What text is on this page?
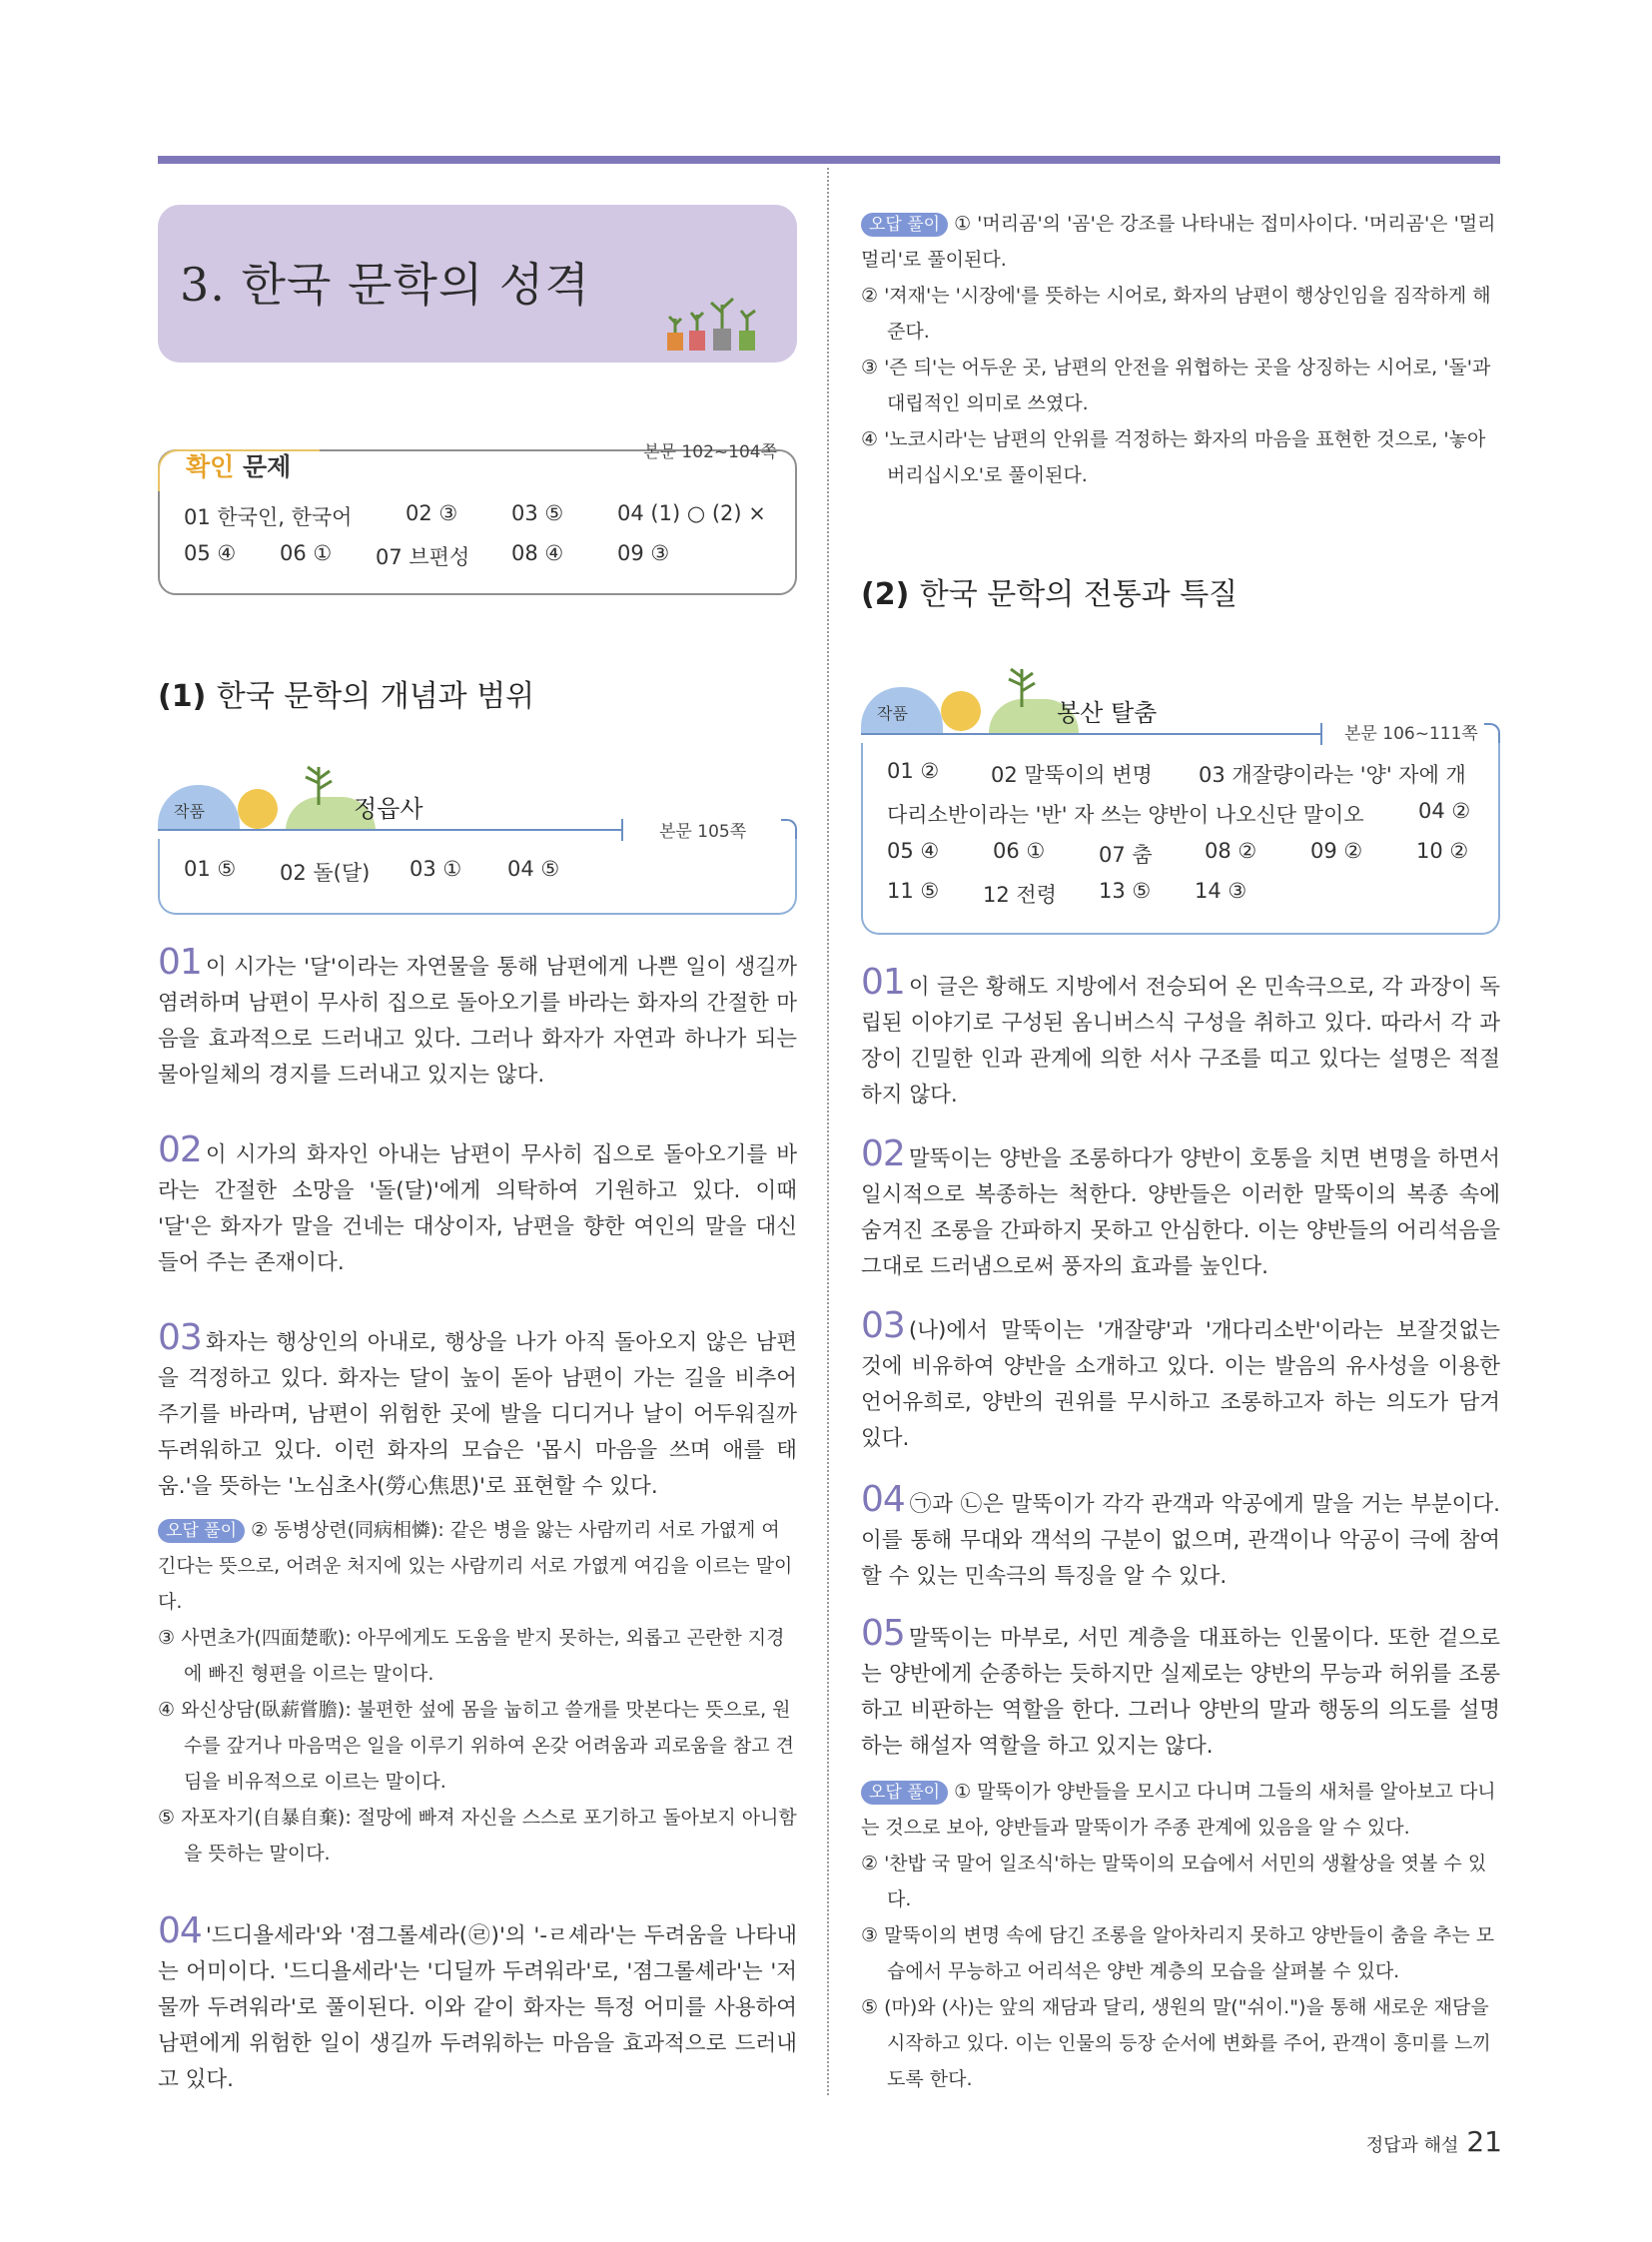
3. 한국 문학의 성격
확인 문제	본문 102~104쪽
01 한국인, 한국어	02 ③	03 ⑤	04 (1) ○ (2) ×
05 ④ 06 ① 07 브편성 08 ④	09 ③
(1) 한국 문학의 개념과 범위
작품	정읍사
본문 105쪽
01 ⑤ 02 돌(달) 03 ① 04 ⑤
01 이 시가는 '달'이라는 자연물을 통해 남편에게 나쁜 일이 생길까 염려하며 남편이 무사히 집으로 돌아오기를 바라는 화자의 간절한 마음을 효과적으로 드러내고 있다. 그러나 화자가 자연과 하나가 되는 물아일체의 경지를 드러내고 있지는 않다.
02 이 시가의 화자인 아내는 남편이 무사히 집으로 돌아오기를 바라는 간절한 소망을 '돌(달)'에게 의탁하여 기원하고 있다. 이때 '달'은 화자가 말을 건네는 대상이자, 남편을 향한 여인의 말을 대신 들어 주는 존재이다.
03 화자는 행상인의 아내로, 행상을 나가 아직 돌아오지 않은 남편을 걱정하고 있다. 화자는 달이 높이 돋아 남편이 가는 길을 비추어 주기를 바라며, 남편이 위험한 곳에 발을 디디거나 날이 어두워질까 두려워하고 있다. 이런 화자의 모습은 '몹시 마음을 쓰며 애를 태움.'을 뜻하는 '노심초사(勞心焦思)'로 표현할 수 있다.
오답 풀이 ② 동병상련(同病相憐): 같은 병을 앓는 사람끼리 서로 가엾게 여긴다는 뜻으로, 어려운 처지에 있는 사람끼리 서로 가엾게 여김을 이르는 말이다.
③ 사면초가(四面楚歌): 아무에게도 도움을 받지 못하는, 외롭고 곤란한 지경에 빠진 형편을 이르는 말이다.
④ 와신상담(臥薪嘗膽): 불편한 섶에 몸을 눕히고 쓸개를 맛본다는 뜻으로, 원수를 갚거나 마음먹은 일을 이루기 위하여 온갖 어려움과 괴로움을 참고 견딤을 비유적으로 이르는 말이다.
⑤ 자포자기(自暴自棄): 절망에 빠져 자신을 스스로 포기하고 돌아보지 아니함을 뜻하는 말이다.
04 '드디욜세라'와 '졈그롤셰라(㉣)'의 '-ㄹ셰라'는 두려움을 나타내는 어미이다. '드디욜세라'는 '디딜까 두려워라'로, '졈그롤셰라'는 '저물까 두려워라'로 풀이된다. 이와 같이 화자는 특정 어미를 사용하여 남편에게 위험한 일이 생길까 두려워하는 마음을 효과적으로 드러내고 있다.
오답 풀이 ① '머리곰'의 '곰'은 강조를 나타내는 접미사이다. '머리곰'은 '멀리멀리'로 풀이된다.
② '져재'는 '시장에'를 뜻하는 시어로, 화자의 남편이 행상인임을 짐작하게 해 준다.
③ '즌 듸'는 어두운 곳, 남편의 안전을 위협하는 곳을 상징하는 시어로, '돌'과 대립적인 의미로 쓰였다.
④ '노코시라'는 남편의 안위를 걱정하는 화자의 마음을 표현한 것으로, '놓아 버리십시오'로 풀이된다.
(2) 한국 문학의 전통과 특질
작품	봉산 탈춤
본문 106~111쪽
01 ② 02 말뚝이의 변명 03 개잘량이라는 '양' 자에 개
다리소반이라는 '반' 자 쓰는 양반이 나오신단 말이오	04 ②
05 ④	06 ①	07 춤 08 ②	09 ②	10 ②
11 ⑤ 12 전령 13 ⑤ 14 ③
01 이 글은 황해도 지방에서 전승되어 온 민속극으로, 각 과장이 독립된 이야기로 구성된 옴니버스식 구성을 취하고 있다. 따라서 각 과장이 긴밀한 인과 관계에 의한 서사 구조를 띠고 있다는 설명은 적절하지 않다.
02 말뚝이는 양반을 조롱하다가 양반이 호통을 치면 변명을 하면서 일시적으로 복종하는 척한다. 양반들은 이러한 말뚝이의 복종 속에 숨겨진 조롱을 간파하지 못하고 안심한다. 이는 양반들의 어리석음을 그대로 드러냄으로써 풍자의 효과를 높인다.
03 (나)에서 말뚝이는 '개잘량'과 '개다리소반'이라는 보잘것없는 것에 비유하여 양반을 소개하고 있다. 이는 발음의 유사성을 이용한 언어유희로, 양반의 권위를 무시하고 조롱하고자 하는 의도가 담겨 있다.
04 ㉠과 ㉡은 말뚝이가 각각 관객과 악공에게 말을 거는 부분이다. 이를 통해 무대와 객석의 구분이 없으며, 관객이나 악공이 극에 참여할 수 있는 민속극의 특징을 알 수 있다.
05 말뚝이는 마부로, 서민 계층을 대표하는 인물이다. 또한 겉으로는 양반에게 순종하는 듯하지만 실제로는 양반의 무능과 허위를 조롱하고 비판하는 역할을 한다. 그러나 양반의 말과 행동의 의도를 설명하는 해설자 역할을 하고 있지는 않다.
오답 풀이 ① 말뚝이가 양반들을 모시고 다니며 그들의 새처를 알아보고 다니는 것으로 보아, 양반들과 말뚝이가 주종 관계에 있음을 알 수 있다.
② '찬밥 국 말어 일조식'하는 말뚝이의 모습에서 서민의 생활상을 엿볼 수 있다.
③ 말뚝이의 변명 속에 담긴 조롱을 알아차리지 못하고 양반들이 춤을 추는 모습에서 무능하고 어리석은 양반 계층의 모습을 살펴볼 수 있다.
⑤ (마)와 (사)는 앞의 재담과 달리, 생원의 말("쉬이.")을 통해 새로운 재담을 시작하고 있다. 이는 인물의 등장 순서에 변화를 주어, 관객이 흥미를 느끼도록 한다.
정답과 해설 21
